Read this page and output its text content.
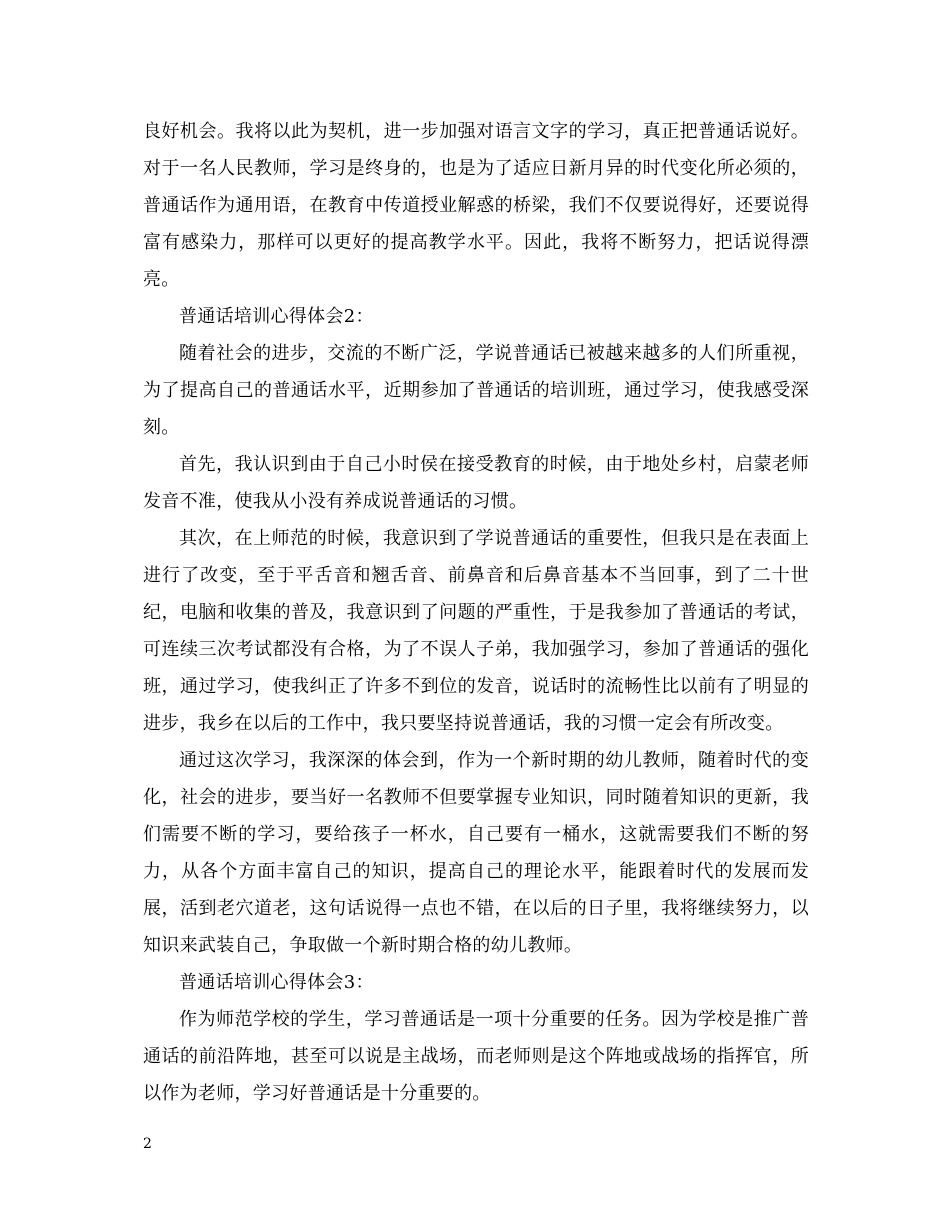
良好机会。我将以此为契机，进一步加强对语言文字的学习，真正把普通话说好。对于一名人民教师，学习是终身的，也是为了适应日新月异的时代变化所必须的，普通话作为通用语，在教育中传道授业解惑的桥梁，我们不仅要说得好，还要说得富有感染力，那样可以更好的提高教学水平。因此，我将不断努力，把话说得漂亮。

普通话培训心得体会2：

随着社会的进步，交流的不断广泛，学说普通话已被越来越多的人们所重视，为了提高自己的普通话水平，近期参加了普通话的培训班，通过学习，使我感受深刻。

首先，我认识到由于自己小时侯在接受教育的时候，由于地处乡村，启蒙老师发音不准，使我从小没有养成说普通话的习惯。

其次，在上师范的时候，我意识到了学说普通话的重要性，但我只是在表面上进行了改变，至于平舌音和翘舌音、前鼻音和后鼻音基本不当回事，到了二十世纪，电脑和收集的普及，我意识到了问题的严重性，于是我参加了普通话的考试，可连续三次考试都没有合格，为了不误人子弟，我加强学习，参加了普通话的强化班，通过学习，使我纠正了许多不到位的发音，说话时的流畅性比以前有了明显的进步，我乡在以后的工作中，我只要坚持说普通话，我的习惯一定会有所改变。

通过这次学习，我深深的体会到，作为一个新时期的幼儿教师，随着时代的变化，社会的进步，要当好一名教师不但要掌握专业知识，同时随着知识的更新，我们需要不断的学习，要给孩子一杯水，自己要有一桶水，这就需要我们不断的努力，从各个方面丰富自己的知识，提高自己的理论水平，能跟着时代的发展而发展，活到老穴道老，这句话说得一点也不错，在以后的日子里，我将继续努力，以知识来武装自己，争取做一个新时期合格的幼儿教师。

普通话培训心得体会3：

作为师范学校的学生，学习普通话是一项十分重要的任务。因为学校是推广普通话的前沿阵地，甚至可以说是主战场，而老师则是这个阵地或战场的指挥官，所以作为老师，学习好普通话是十分重要的。

2
